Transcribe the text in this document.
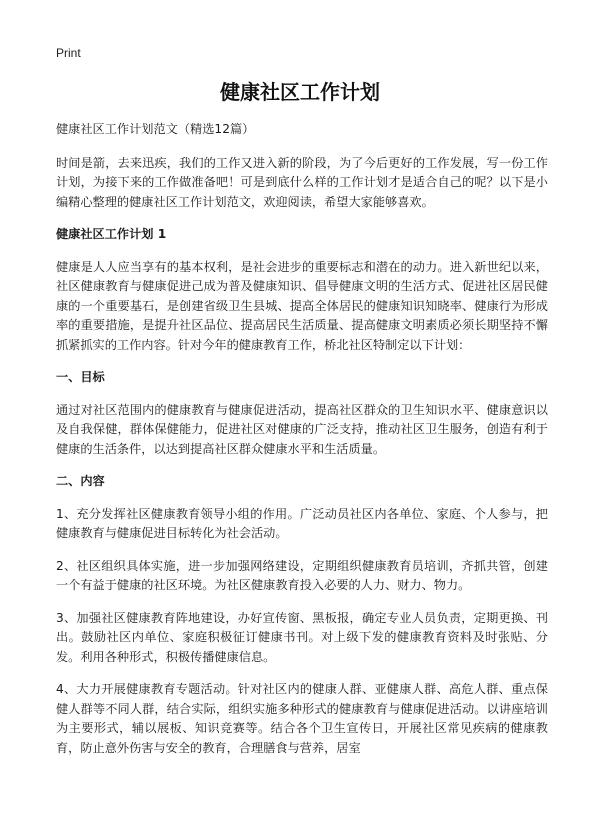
Print
健康社区工作计划

健康社区工作计划范文（精选12篇）

时间是箭，去来迅疾，我们的工作又进入新的阶段，为了今后更好的工作发展，写一份工作计划，为接下来的工作做准备吧！可是到底什么样的工作计划才是适合自己的呢？以下是小编精心整理的健康社区工作计划范文，欢迎阅读，希望大家能够喜欢。

健康社区工作计划 1

健康是人人应当享有的基本权利，是社会进步的重要标志和潜在的动力。进入新世纪以来，社区健康教育与健康促进己成为普及健康知识、倡导健康文明的生活方式、促进社区居民健康的一个重要基石，是创建省级卫生县城、提高全体居民的健康知识知晓率、健康行为形成率的重要措施，是提升社区品位、提高居民生活质量、提高健康文明素质必须长期坚持不懈抓紧抓实的工作内容。针对今年的健康教育工作，桥北社区特制定以下计划：

一、目标

通过对社区范围内的健康教育与健康促进活动，提高社区群众的卫生知识水平、健康意识以及自我保健，群体保健能力，促进社区对健康的广泛支持，推动社区卫生服务，创造有利于健康的生活条件，以达到提高社区群众健康水平和生活质量。

二、内容

1、充分发挥社区健康教育领导小组的作用。广泛动员社区内各单位、家庭、个人参与，把健康教育与健康促进目标转化为社会活动。

2、社区组织具体实施，进一步加强网络建设，定期组织健康教育员培训，齐抓共管，创建一个有益于健康的社区环境。为社区健康教育投入必要的人力、财力、物力。

3、加强社区健康教育阵地建设，办好宣传窗、黑板报，确定专业人员负责，定期更换、刊出。鼓励社区内单位、家庭积极征订健康书刊。对上级下发的健康教育资料及时张贴、分发。利用各种形式，积极传播健康信息。

4、大力开展健康教育专题活动。针对社区内的健康人群、亚健康人群、高危人群、重点保健人群等不同人群，结合实际，组织实施多种形式的健康教育与健康促进活动。以讲座培训为主要形式，辅以展板、知识竞赛等。结合各个卫生宣传日，开展社区常见疾病的健康教育，防止意外伤害与安全的教育，合理膳食与营养，居室
